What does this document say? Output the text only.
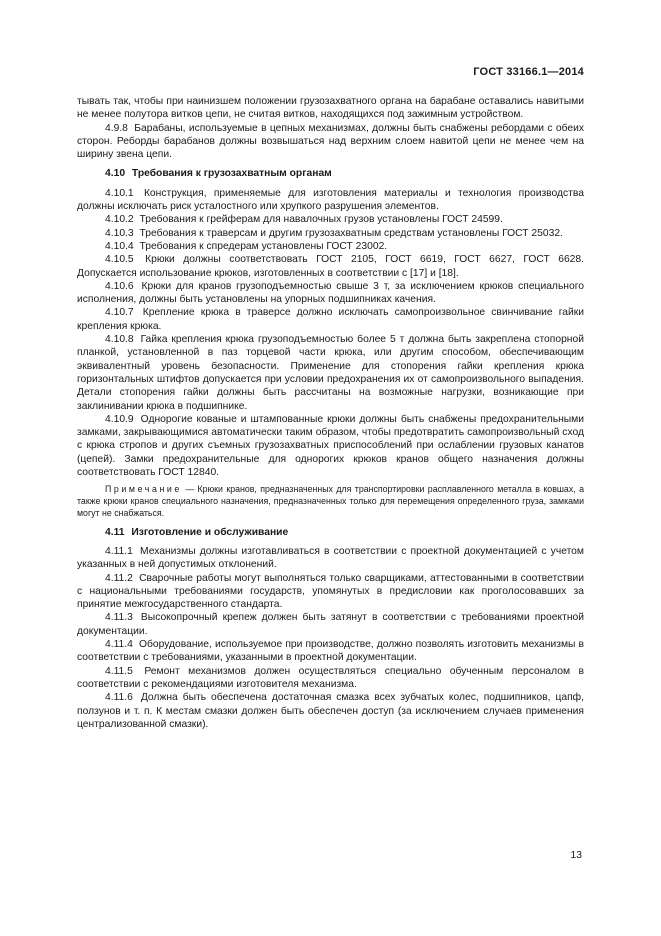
ГОСТ 33166.1—2014

тывать так, чтобы при наинизшем положении грузозахватного органа на барабане оставались навитыми не менее полутора витков цепи, не считая витков, находящихся под зажимным устройством.

4.9.8 Барабаны, используемые в цепных механизмах, должны быть снабжены ребордами с обеих сторон. Реборды барабанов должны возвышаться над верхним слоем навитой цепи не менее чем на ширину звена цепи.

4.10 Требования к грузозахватным органам

4.10.1 Конструкция, применяемые для изготовления материалы и технология производства должны исключать риск усталостного или хрупкого разрушения элементов.

4.10.2 Требования к грейферам для навалочных грузов установлены ГОСТ 24599.

4.10.3 Требования к траверсам и другим грузозахватным средствам установлены ГОСТ 25032.

4.10.4 Требования к спредерам установлены ГОСТ 23002.

4.10.5 Крюки должны соответствовать ГОСТ 2105, ГОСТ 6619, ГОСТ 6627, ГОСТ 6628. Допускается использование крюков, изготовленных в соответствии с [17] и [18].

4.10.6 Крюки для кранов грузоподъемностью свыше 3 т, за исключением крюков специального исполнения, должны быть установлены на упорных подшипниках качения.

4.10.7 Крепление крюка в траверсе должно исключать самопроизвольное свинчивание гайки крепления крюка.

4.10.8 Гайка крепления крюка грузоподъемностью более 5 т должна быть закреплена стопорной планкой, установленной в паз торцевой части крюка, или другим способом, обеспечивающим эквивалентный уровень безопасности. Применение для стопорения гайки крепления крюка горизонтальных штифтов допускается при условии предохранения их от самопроизвольного выпадения. Детали стопорения гайки должны быть рассчитаны на возможные нагрузки, возникающие при заклинивании крюка в подшипнике.

4.10.9 Однорогие кованые и штампованные крюки должны быть снабжены предохранительными замками, закрывающимися автоматически таким образом, чтобы предотвратить самопроизвольный сход с крюка стропов и других съемных грузозахватных приспособлений при ослаблении грузовых канатов (цепей). Замки предохранительные для однорогих крюков кранов общего назначения должны соответствовать ГОСТ 12840.

Примечание — Крюки кранов, предназначенных для транспортировки расплавленного металла в ковшах, а также крюки кранов специального назначения, предназначенных только для перемещения определенного груза, замками могут не снабжаться.

4.11 Изготовление и обслуживание

4.11.1 Механизмы должны изготавливаться в соответствии с проектной документацией с учетом указанных в ней допустимых отклонений.

4.11.2 Сварочные работы могут выполняться только сварщиками, аттестованными в соответствии с национальными требованиями государств, упомянутых в предисловии как проголосовавших за принятие межгосударственного стандарта.

4.11.3 Высокопрочный крепеж должен быть затянут в соответствии с требованиями проектной документации.

4.11.4 Оборудование, используемое при производстве, должно позволять изготовить механизмы в соответствии с требованиями, указанными в проектной документации.

4.11.5 Ремонт механизмов должен осуществляться специально обученным персоналом в соответствии с рекомендациями изготовителя механизма.

4.11.6 Должна быть обеспечена достаточная смазка всех зубчатых колес, подшипников, цапф, ползунов и т. п. К местам смазки должен быть обеспечен доступ (за исключением случаев применения централизованной смазки).

13
